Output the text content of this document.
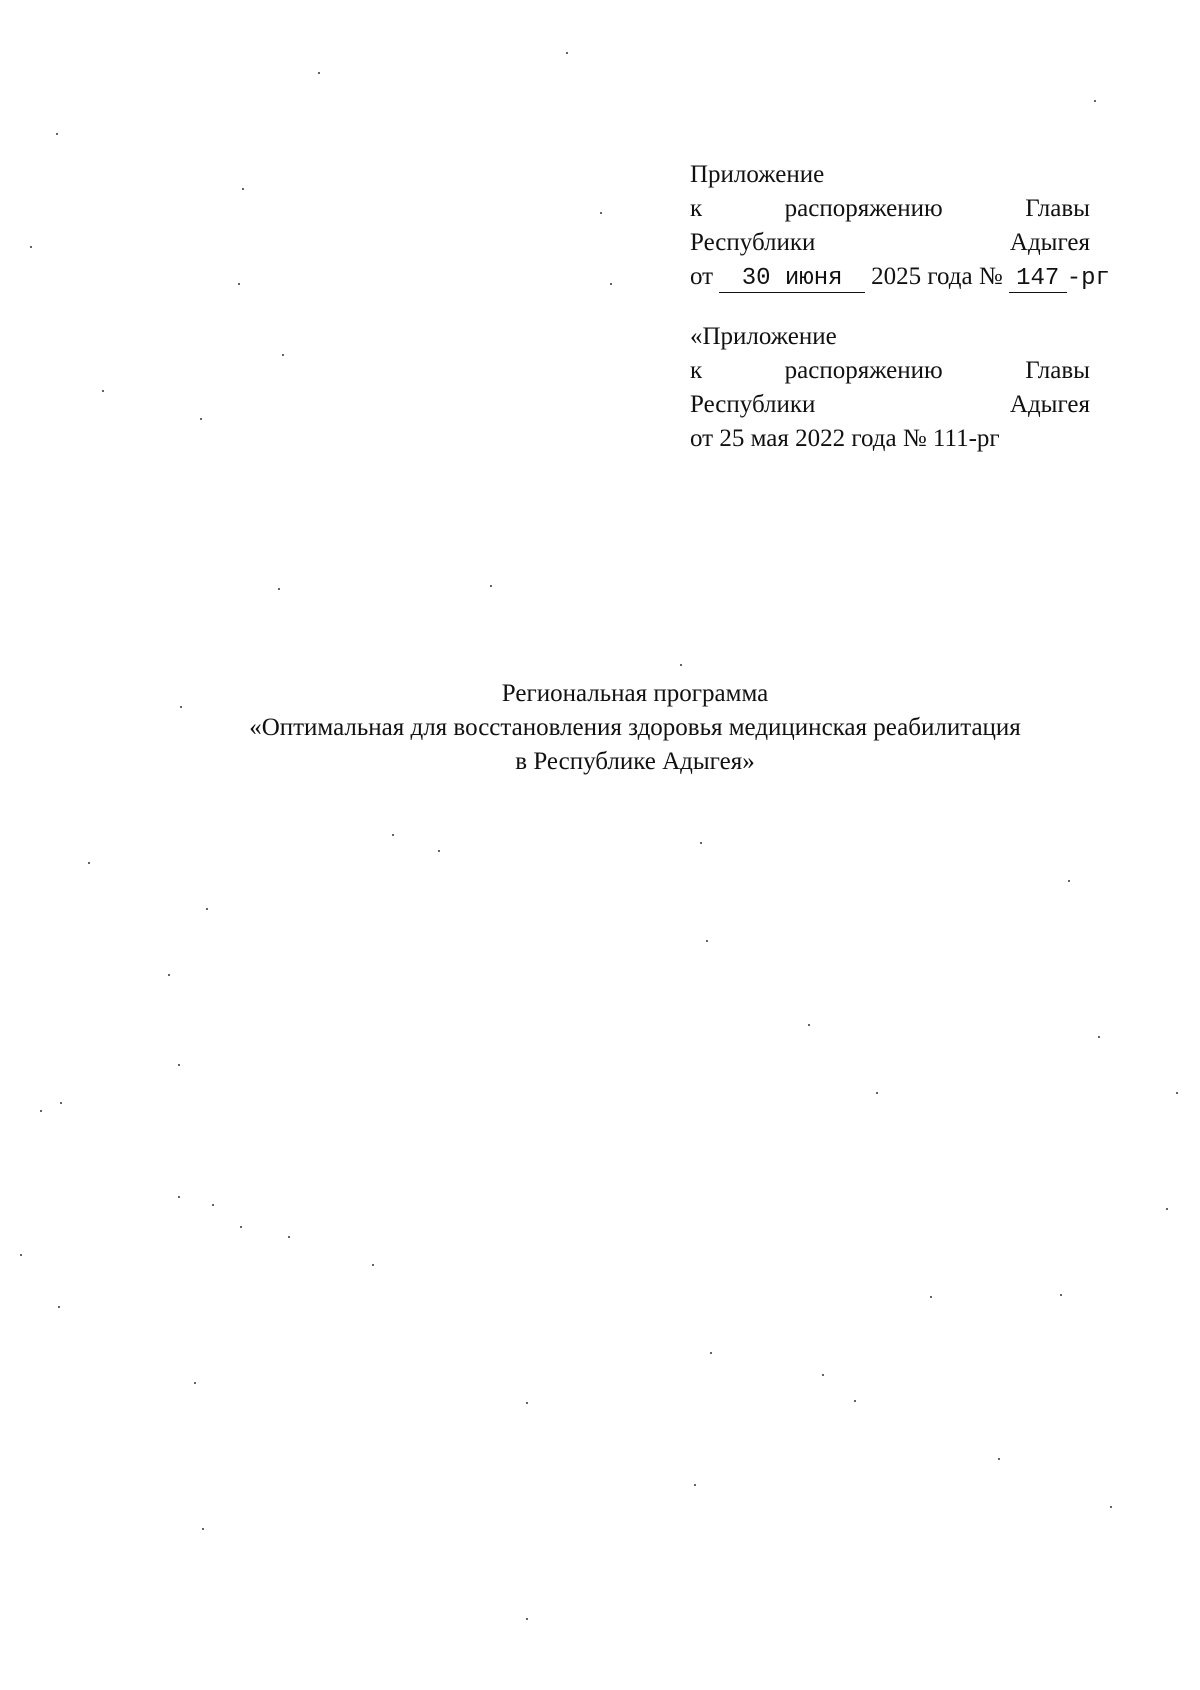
Приложение
к	распоряжению	Главы
Республики	Адыгея
от 30 июня 2025 года № 147 -рг
«Приложение
к	распоряжению	Главы
Республики	Адыгея
от 25 мая 2022 года № 111-рг
Региональная программа
«Оптимальная для восстановления здоровья медицинская реабилитация
в Республике Адыгея»
